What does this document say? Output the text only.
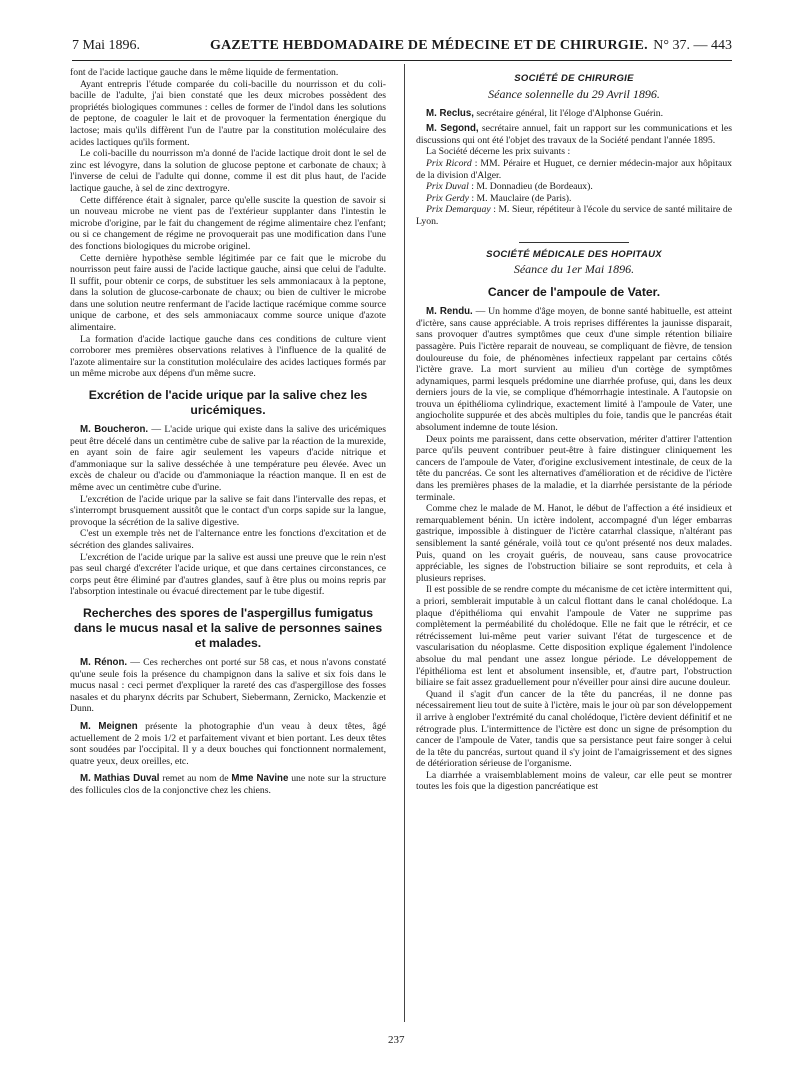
7 Mai 1896.	GAZETTE HEBDOMADAIRE DE MÉDECINE ET DE CHIRURGIE. N° 37. — 443

font de l'acide lactique gauche dans le même liquide de fermentation.

Ayant entrepris l'étude comparée du coli-bacille du nourrisson et du coli-bacille de l'adulte, j'ai bien constaté que les deux microbes possèdent des propriétés biologiques communes : celles de former de l'indol dans les solutions de peptone, de coaguler le lait et de provoquer la fermentation énergique du lactose; mais qu'ils diffèrent l'un de l'autre par la constitution moléculaire des acides lactiques qu'ils forment.

Le coli-bacille du nourrisson m'a donné de l'acide lactique droit dont le sel de zinc est lévogyre, dans la solution de glucose peptone et carbonate de chaux; à l'inverse de celui de l'adulte qui donne, comme il est dit plus haut, de l'acide lactique gauche, à sel de zinc dextrogyre.

Cette différence était à signaler, parce qu'elle suscite la question de savoir si un nouveau microbe ne vient pas de l'extérieur supplanter dans l'intestin le microbe d'origine, par le fait du changement de régime alimentaire chez l'enfant; ou si ce changement de régime ne provoquerait pas une modification dans l'une des fonctions biologiques du microbe originel.

Cette dernière hypothèse semble légitimée par ce fait que le microbe du nourrisson peut faire aussi de l'acide lactique gauche, ainsi que celui de l'adulte. Il suffit, pour obtenir ce corps, de substituer les sels ammoniacaux à la peptone, dans la solution de glucose-carbonate de chaux; ou bien de cultiver le microbe dans une solution neutre renfermant de l'acide lactique racémique comme source unique de carbone, et des sels ammoniacaux comme source unique d'azote alimentaire.

La formation d'acide lactique gauche dans ces conditions de culture vient corroborer mes premières observations relatives à l'influence de la qualité de l'azote alimentaire sur la constitution moléculaire des acides lactiques formés par un même microbe aux dépens d'un même sucre.

Excrétion de l'acide urique par la salive chez les uricémiques.

M. Boucheron. — L'acide urique qui existe dans la salive des uricémiques peut être décelé dans un centimètre cube de salive par la réaction de la murexide, en ayant soin de faire agir seulement les vapeurs d'acide nitrique et d'ammoniaque sur la salive desséchée à une température peu élevée. Avec un excès de chaleur ou d'acide ou d'ammoniaque la réaction manque. Il en est de même avec un centimètre cube d'urine.

L'excrétion de l'acide urique par la salive se fait dans l'intervalle des repas, et s'interrompt brusquement aussitôt que le contact d'un corps sapide sur la langue, provoque la sécrétion de la salive digestive.

C'est un exemple très net de l'alternance entre les fonctions d'excitation et de sécrétion des glandes salivaires.

L'excrétion de l'acide urique par la salive est aussi une preuve que le rein n'est pas seul chargé d'excréter l'acide urique, et que dans certaines circonstances, ce corps peut être éliminé par d'autres glandes, sauf à être plus ou moins repris par l'absorption intestinale ou évacué directement par le tube digestif.

Recherches des spores de l'aspergillus fumigatus dans le mucus nasal et la salive de personnes saines et malades.

M. Rénon. — Ces recherches ont porté sur 58 cas, et nous n'avons constaté qu'une seule fois la présence du champignon dans la salive et six fois dans le mucus nasal : ceci permet d'expliquer la rareté des cas d'aspergillose des fosses nasales et du pharynx décrits par Schubert, Siebermann, Zernicko, Mackenzie et Dunn.

M. Meignen présente la photographie d'un veau à deux têtes, âgé actuellement de 2 mois 1/2 et parfaitement vivant et bien portant. Les deux têtes sont soudées par l'occipital. Il y a deux bouches qui fonctionnent normalement, quatre yeux, deux oreilles, etc.

M. Mathias Duval remet au nom de Mme Navine une note sur la structure des follicules clos de la conjonctive chez les chiens.

SOCIÉTÉ DE CHIRURGIE
Séance solennelle du 29 Avril 1896.

M. Reclus, secrétaire général, lit l'éloge d'Alphonse Guérin.

M. Segond, secrétaire annuel, fait un rapport sur les communications et les discussions qui ont été l'objet des travaux de la Société pendant l'année 1895.

La Société décerne les prix suivants :

Prix Ricord : MM. Péraire et Huguet, ce dernier médecin-major aux hôpitaux de la division d'Alger.

Prix Duval : M. Donnadieu (de Bordeaux).

Prix Gerdy : M. Mauclaire (de Paris).

Prix Demarquay : M. Sieur, répétiteur à l'école du service de santé militaire de Lyon.

SOCIÉTÉ MÉDICALE DES HOPITAUX
Séance du 1er Mai 1896.
Cancer de l'ampoule de Vater.

M. Rendu. — Un homme d'âge moyen, de bonne santé habituelle, est atteint d'ictère, sans cause appréciable. A trois reprises différentes la jaunisse disparait, sans provoquer d'autres symptômes que ceux d'une simple rétention biliaire passagère. Puis l'ictère reparait de nouveau, se compliquant de fièvre, de tension douloureuse du foie, de phénomènes infectieux rappelant par certains côtés l'ictère grave. La mort survient au milieu d'un cortège de symptômes adynamiques, parmi lesquels prédomine une diarrhée profuse, qui, dans les deux derniers jours de la vie, se complique d'hémorrhagie intestinale. A l'autopsie on trouva un épithélioma cylindrique, exactement limité à l'ampoule de Vater, une angiocholite suppurée et des abcès multiples du foie, tandis que le pancréas était absolument indemne de toute lésion.

Deux points me paraissent, dans cette observation, mériter d'attirer l'attention parce qu'ils peuvent contribuer peut-être à faire distinguer cliniquement les cancers de l'ampoule de Vater, d'origine exclusivement intestinale, de ceux de la tête du pancréas. Ce sont les alternatives d'amélioration et de récidive de l'ictère dans les premières phases de la maladie, et la diarrhée persistante de la période terminale.

Comme chez le malade de M. Hanot, le début de l'affection a été insidieux et remarquablement bénin. Un ictère indolent, accompagné d'un léger embarras gastrique, impossible à distinguer de l'ictère catarrhal classique, n'altérant pas sensiblement la santé générale, voilà tout ce qu'ont présenté nos deux malades. Puis, quand on les croyait guéris, de nouveau, sans cause provocatrice appréciable, les signes de l'obstruction biliaire se sont reproduits, et cela à plusieurs reprises.

Il est possible de se rendre compte du mécanisme de cet ictère intermittent qui, a priori, semblerait imputable à un calcul flottant dans le canal cholédoque. La plaque d'épithélioma qui envahit l'ampoule de Vater ne supprime pas complètement la perméabilité du cholédoque. Elle ne fait que le rétrécir, et ce rétrécissement lui-même peut varier suivant l'état de turgescence et de vascularisation du néoplasme. Cette disposition explique également l'indolence absolue du mal pendant une assez longue période. Le développement de l'épithélioma est lent et absolument insensible, et, d'autre part, l'obstruction biliaire se fait assez graduellement pour n'éveiller pour ainsi dire aucune douleur.

Quand il s'agit d'un cancer de la tête du pancréas, il ne donne pas nécessairement lieu tout de suite à l'ictère, mais le jour où par son développement il arrive à englober l'extrémité du canal cholédoque, l'ictère devient définitif et ne rétrograde plus. L'intermittence de l'ictère est donc un signe de présomption du cancer de l'ampoule de Vater, tandis que sa persistance peut faire songer à celui de la tête du pancréas, surtout quand il s'y joint de l'amaigrissement et des signes de détérioration sérieuse de l'organisme.

La diarrhée a vraisemblablement moins de valeur, car elle peut se montrer toutes les fois que la digestion pancréatique est

237
